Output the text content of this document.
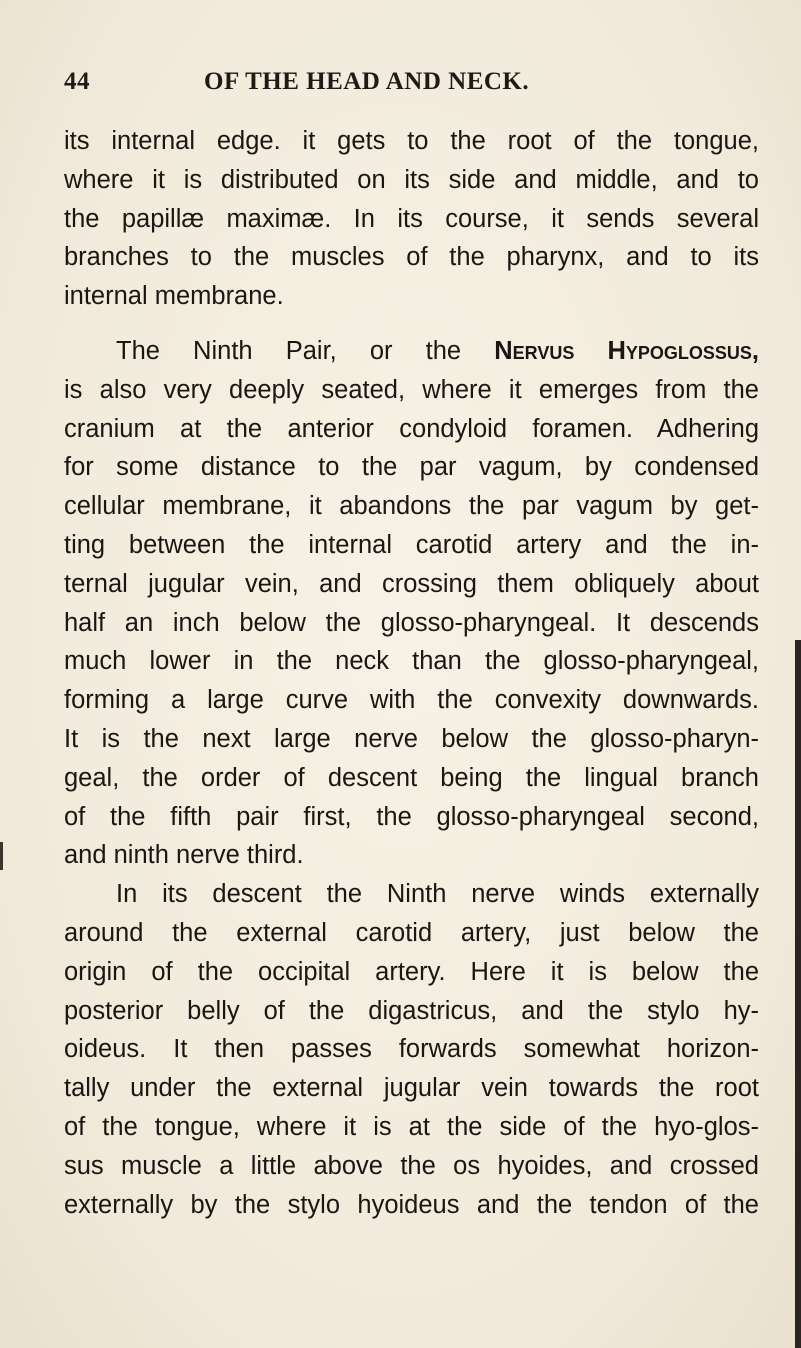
44	OF THE HEAD AND NECK.
its internal edge. it gets to the root of the tongue,
where it is distributed on its side and middle, and to
the papillæ maximæ. In its course, it sends several
branches to the muscles of the pharynx, and to its
internal membrane.
The Ninth Pair, or the Nervus Hypoglossus,
is also very deeply seated, where it emerges from the
cranium at the anterior condyloid foramen. Adhering
for some distance to the par vagum, by condensed
cellular membrane, it abandons the par vagum by get-
ting between the internal carotid artery and the in-
ternal jugular vein, and crossing them obliquely about
half an inch below the glosso-pharyngeal. It descends
much lower in the neck than the glosso-pharyngeal,
forming a large curve with the convexity downwards.
It is the next large nerve below the glosso-pharyn-
geal, the order of descent being the lingual branch
of the fifth pair first, the glosso-pharyngeal second,
and ninth nerve third.
In its descent the Ninth nerve winds externally
around the external carotid artery, just below the
origin of the occipital artery. Here it is below the
posterior belly of the digastricus, and the stylo hy-
oideus. It then passes forwards somewhat horizon-
tally under the external jugular vein towards the root
of the tongue, where it is at the side of the hyo-glos-
sus muscle a little above the os hyoides, and crossed
externally by the stylo hyoideus and the tendon of the
